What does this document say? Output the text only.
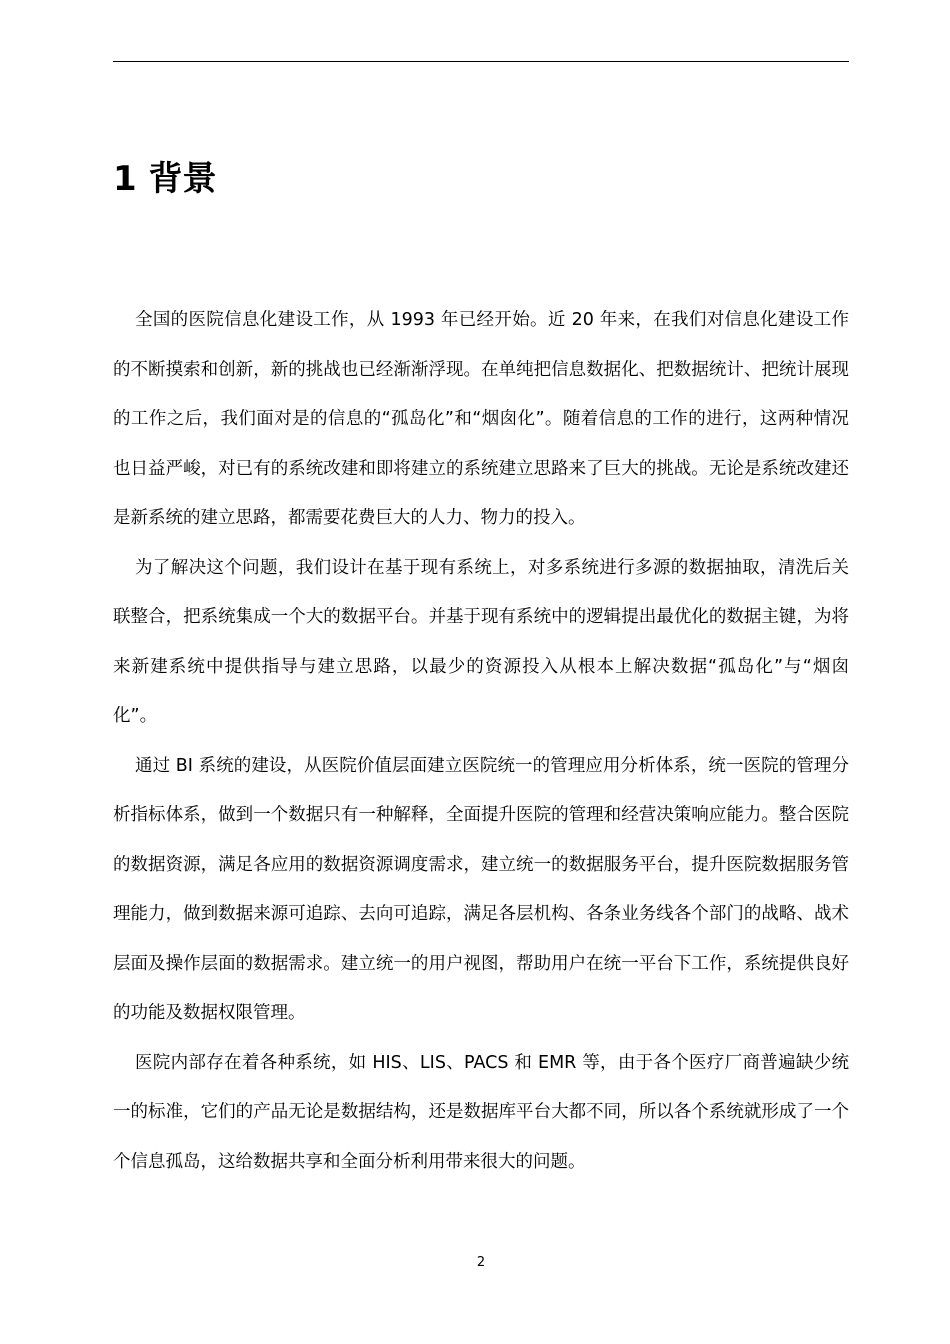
1 背景

全国的医院信息化建设工作，从 1993 年已经开始。近 20 年来，在我们对信息化建设工作的不断摸索和创新，新的挑战也已经渐渐浮现。在单纯把信息数据化、把数据统计、把统计展现的工作之后，我们面对是的信息的“孤岛化”和“烟囱化”。随着信息的工作的进行，这两种情况也日益严峻，对已有的系统改建和即将建立的系统建立思路来了巨大的挑战。无论是系统改建还是新系统的建立思路，都需要花费巨大的人力、物力的投入。

为了解决这个问题，我们设计在基于现有系统上，对多系统进行多源的数据抽取，清洗后关联整合，把系统集成一个大的数据平台。并基于现有系统中的逻辑提出最优化的数据主键，为将来新建系统中提供指导与建立思路，以最少的资源投入从根本上解决数据“孤岛化”与“烟囱化”。

通过 BI 系统的建设，从医院价值层面建立医院统一的管理应用分析体系，统一医院的管理分析指标体系，做到一个数据只有一种解释，全面提升医院的管理和经营决策响应能力。整合医院的数据资源，满足各应用的数据资源调度需求，建立统一的数据服务平台，提升医院数据服务管理能力，做到数据来源可追踪、去向可追踪，满足各层机构、各条业务线各个部门的战略、战术层面及操作层面的数据需求。建立统一的用户视图，帮助用户在统一平台下工作，系统提供良好的功能及数据权限管理。

医院内部存在着各种系统，如 HIS、LIS、PACS 和 EMR 等，由于各个医疗厂商普遍缺少统一的标准，它们的产品无论是数据结构，还是数据库平台大都不同，所以各个系统就形成了一个个信息孤岛，这给数据共享和全面分析利用带来很大的问题。

2
